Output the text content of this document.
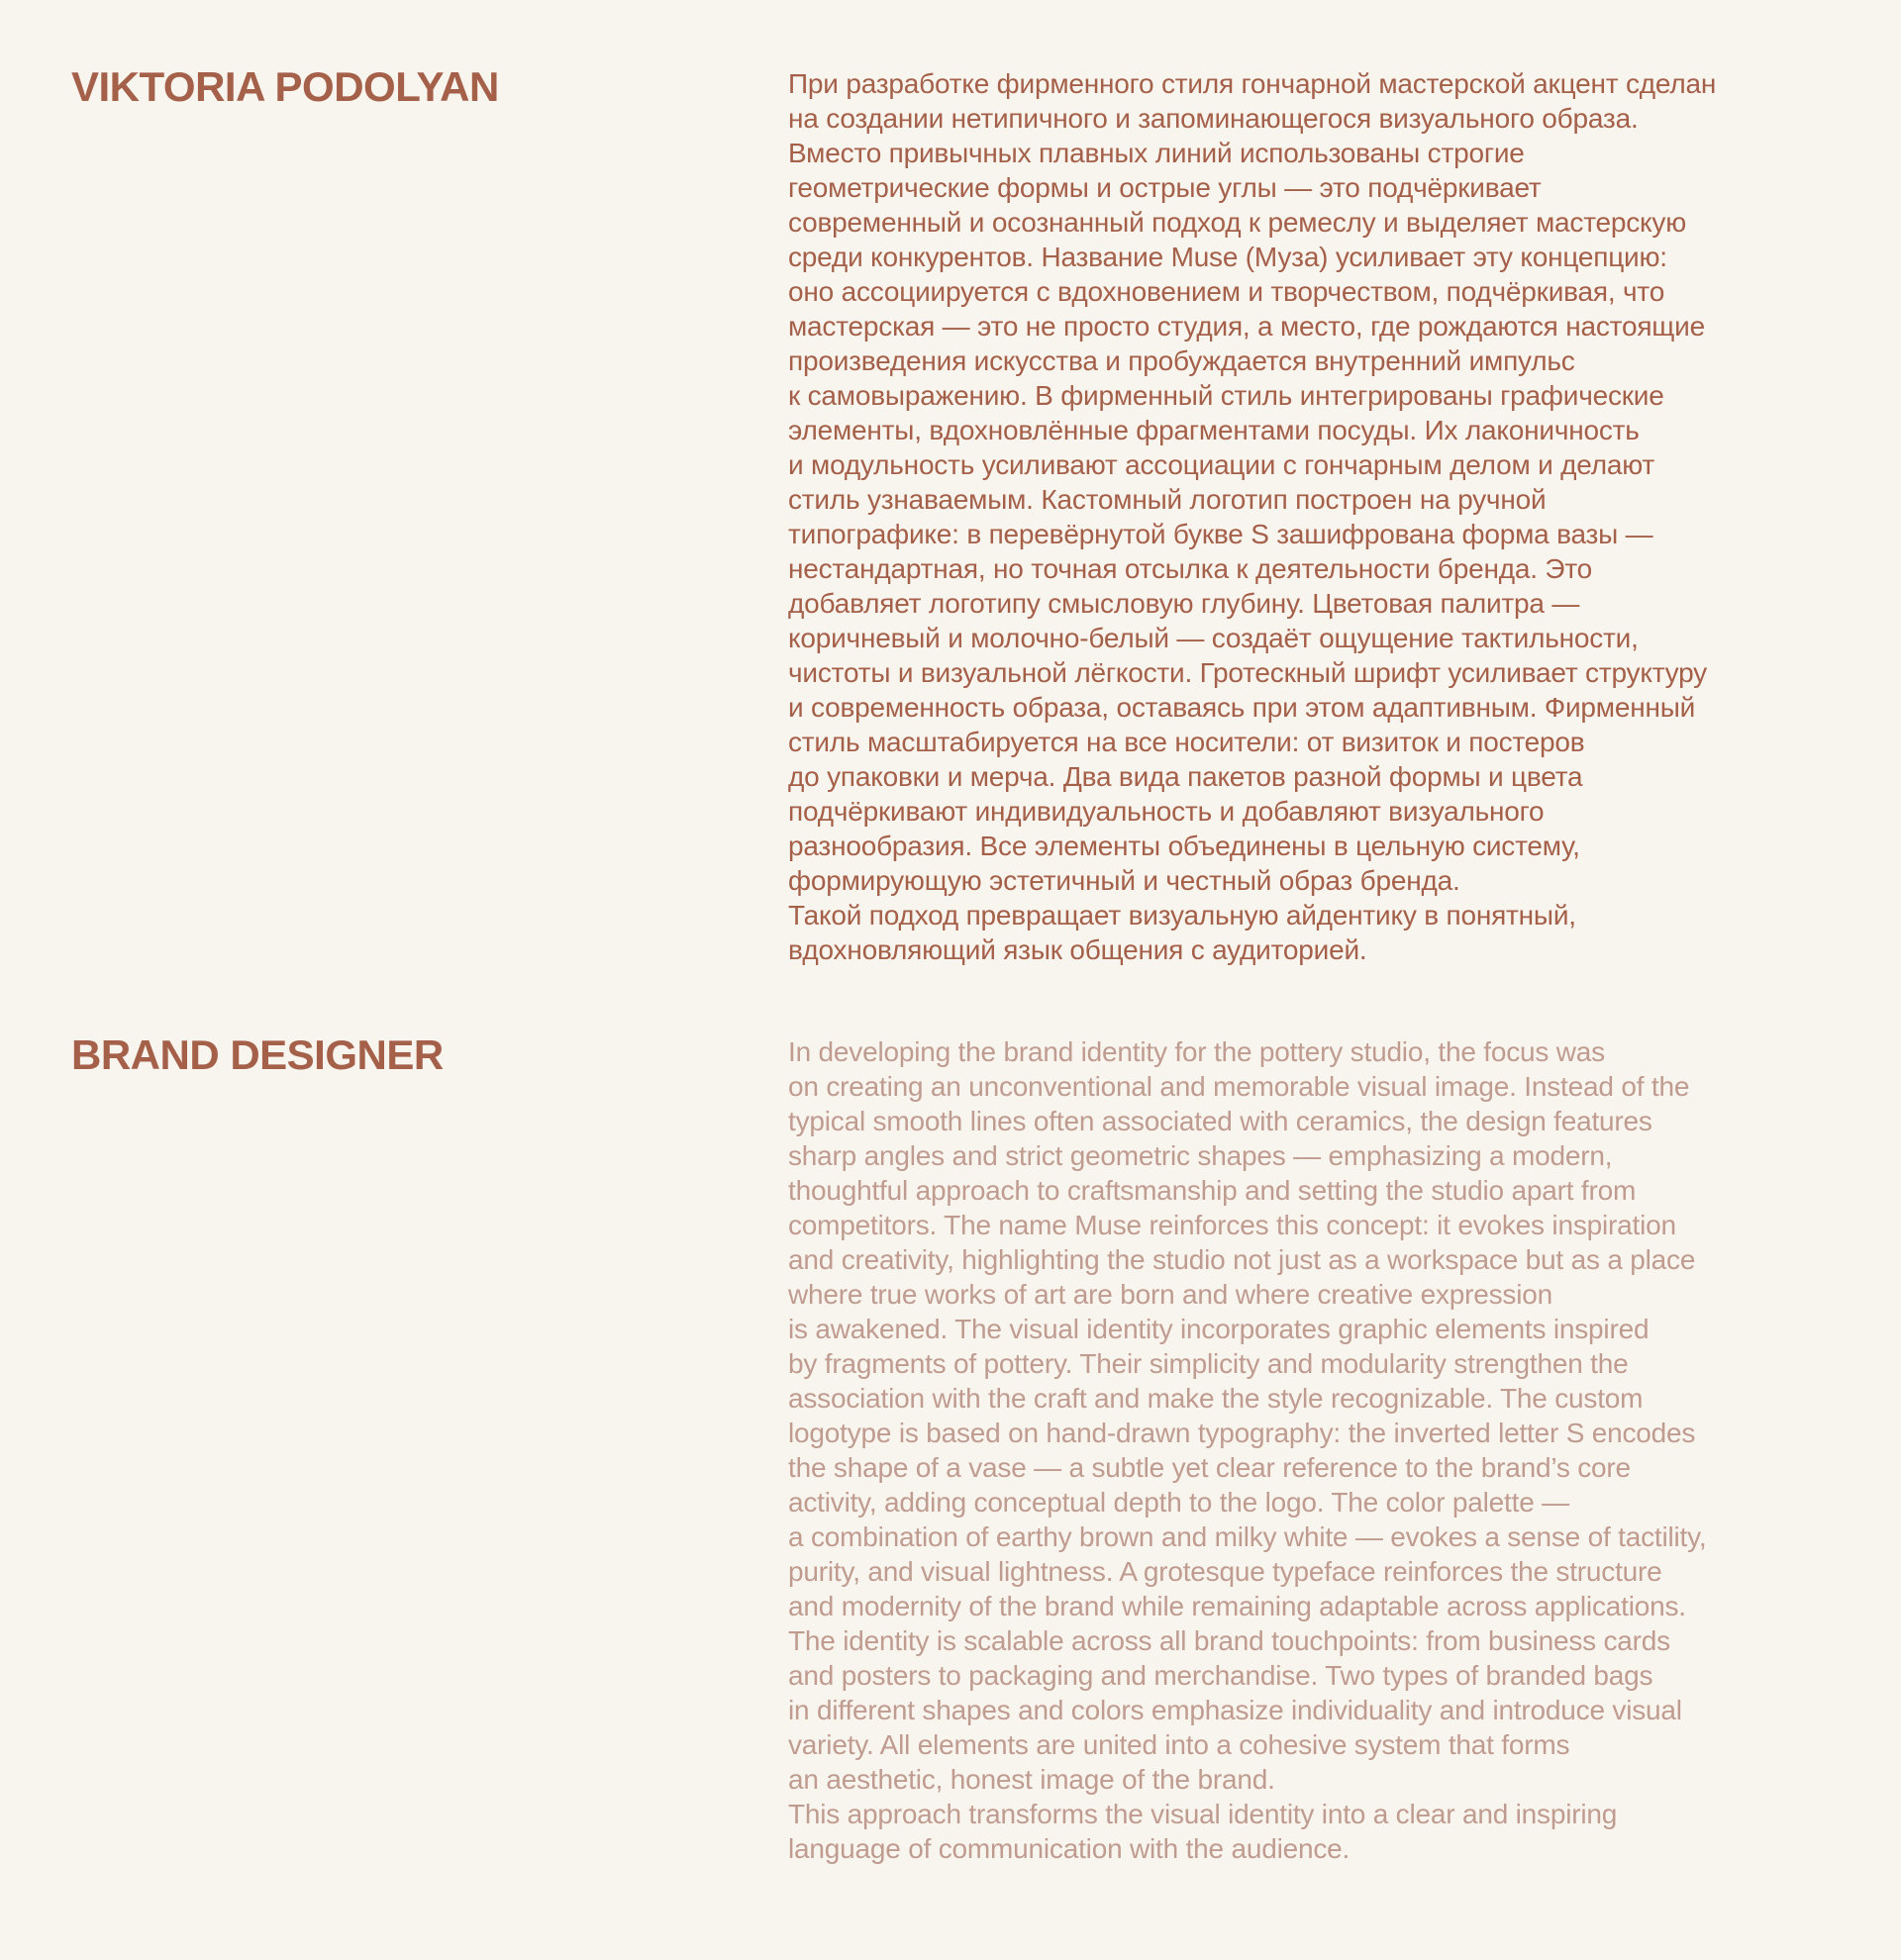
VIKTORIA PODOLYAN	При разработке фирменного стиля гончарной мастерской акцент сделан
на создании нетипичного и запоминающегося визуального образа.
Вместо привычных плавных линий использованы строгие
геометрические формы и острые углы — это подчёркивает
современный и осознанный подход к ремеслу и выделяет мастерскую
среди конкурентов. Название Muse (Муза) усиливает эту концепцию:
оно ассоциируется с вдохновением и творчеством, подчёркивая, что
мастерская — это не просто студия, а место, где рождаются настоящие
произведения искусства и пробуждается внутренний импульс
к самовыражению. В фирменный стиль интегрированы графические
элементы, вдохновлённые фрагментами посуды. Их лаконичность
и модульность усиливают ассоциации с гончарным делом и делают
стиль узнаваемым. Кастомный логотип построен на ручной
типографике: в перевёрнутой букве S зашифрована форма вазы —
нестандартная, но точная отсылка к деятельности бренда. Это
добавляет логотипу смысловую глубину. Цветовая палитра —
коричневый и молочно-белый — создаёт ощущение тактильности,
чистоты и визуальной лёгкости. Гротескный шрифт усиливает структуру
и современность образа, оставаясь при этом адаптивным. Фирменный
стиль масштабируется на все носители: от визиток и постеров
до упаковки и мерча. Два вида пакетов разной формы и цвета
подчёркивают индивидуальность и добавляют визуального
разнообразия. Все элементы объединены в цельную систему,
формирующую эстетичный и честный образ бренда.
Такой подход превращает визуальную айдентику в понятный,
вдохновляющий язык общения с аудиторией.

BRAND DESIGNER	In developing the brand identity for the pottery studio, the focus was
on creating an unconventional and memorable visual image. Instead of the
typical smooth lines often associated with ceramics, the design features
sharp angles and strict geometric shapes — emphasizing a modern,
thoughtful approach to craftsmanship and setting the studio apart from
competitors. The name Muse reinforces this concept: it evokes inspiration
and creativity, highlighting the studio not just as a workspace but as a place
where true works of art are born and where creative expression
is awakened. The visual identity incorporates graphic elements inspired
by fragments of pottery. Their simplicity and modularity strengthen the
association with the craft and make the style recognizable. The custom
logotype is based on hand-drawn typography: the inverted letter S encodes
the shape of a vase — a subtle yet clear reference to the brand’s core
activity, adding conceptual depth to the logo. The color palette —
a combination of earthy brown and milky white — evokes a sense of tactility,
purity, and visual lightness. A grotesque typeface reinforces the structure
and modernity of the brand while remaining adaptable across applications.
The identity is scalable across all brand touchpoints: from business cards
and posters to packaging and merchandise. Two types of branded bags
in different shapes and colors emphasize individuality and introduce visual
variety. All elements are united into a cohesive system that forms
an aesthetic, honest image of the brand.
This approach transforms the visual identity into a clear and inspiring
language of communication with the audience.
